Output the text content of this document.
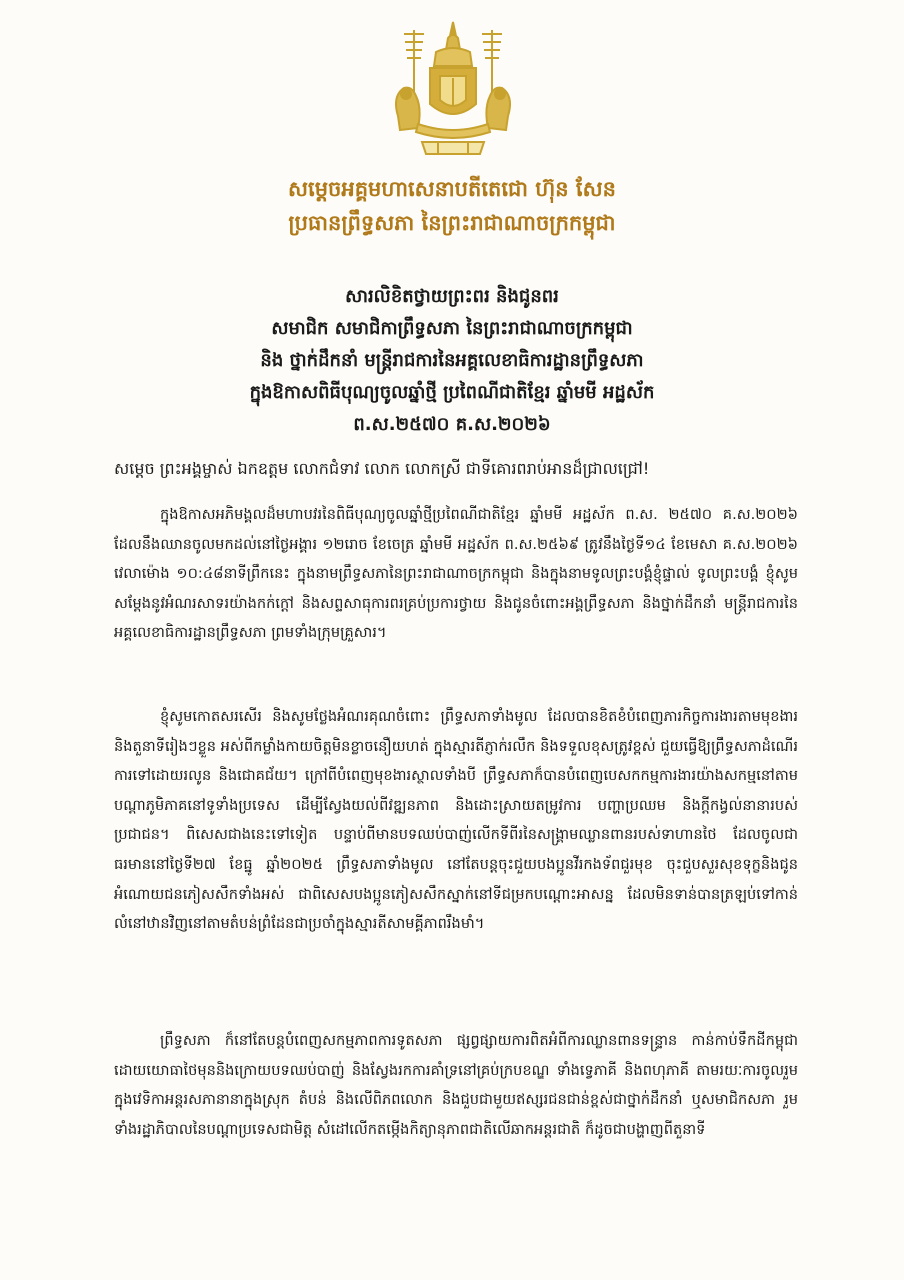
សម្តេចអគ្គមហាសេនាបតីតេជោ ហ៊ុន សែន
ប្រធានព្រឹទ្ធសភា នៃព្រះរាជាណាចក្រកម្ពុជា
សារលិខិតថ្វាយព្រះពរ និងជូនពរ
សមាជិក សមាជិកាព្រឹទ្ធសភា នៃព្រះរាជាណាចក្រកម្ពុជា
និង ថ្នាក់ដឹកនាំ មន្ត្រីរាជការនៃអគ្គលេខាធិការដ្ឋានព្រឹទ្ធសភា
ក្នុងឱកាសពិធីបុណ្យចូលឆ្នាំថ្មី ប្រពៃណីជាតិខ្មែរ ឆ្នាំមមី អដ្ឋស័ក
ព.ស.២៥៧០ គ.ស.២០២៦
សម្តេច ព្រះអង្គម្ចាស់ ឯកឧត្តម លោកជំទាវ លោក លោកស្រី ជាទីគោរពរាប់អានដ៏ជ្រាលជ្រៅ!
ក្នុងឱកាសអភិមង្គលដ៏មហាបវរនៃពិធីបុណ្យចូលឆ្នាំថ្មីប្រពៃណីជាតិខ្មែរ ឆ្នាំមមី អដ្ឋស័ក ព.ស. ២៥៧០ គ.ស.២០២៦ ដែលនឹងឈានចូលមកដល់នៅថ្ងៃអង្គារ ១២រោច ខែចេត្រ ឆ្នាំមមី អដ្ឋស័ក ព.ស.២៥៦៩ ត្រូវនឹងថ្ងៃទី១៤ ខែមេសា គ.ស.២០២៦ វេលាម៉ោង ១០:៤៨នាទីព្រឹកនេះ ក្នុងនាមព្រឹទ្ធសភានៃព្រះរាជាណាចក្រកម្ពុជា និងក្នុងនាមទូលព្រះបង្គំខ្ញុំផ្ទាល់ ទូលព្រះបង្គំ ខ្ញុំសូមសម្តែងនូវអំណរសាទរយ៉ាងកក់ក្តៅ និងសព្ទសាធុការពរគ្រប់ប្រការថ្វាយ និងជូនចំពោះអង្គព្រឹទ្ធសភា និងថ្នាក់ដឹកនាំ មន្ត្រីរាជការនៃអគ្គលេខាធិការដ្ឋានព្រឹទ្ធសភា ព្រមទាំងក្រុមគ្រួសារ។
ខ្ញុំសូមកោតសរសើរ និងសូមថ្លែងអំណរគុណចំពោះ ព្រឹទ្ធសភាទាំងមូល ដែលបានខិតខំបំពេញភារកិច្ចការងារតាមមុខងារ និងតួនាទីរៀងៗខ្លួន អស់ពីកម្លាំងកាយចិត្តមិនខ្លាចនឿយហត់ ក្នុងស្មារតីភ្ញាក់រលឹក និងទទួលខុសត្រូវខ្ពស់ ជួយធ្វើឱ្យព្រឹទ្ធសភាដំណើរការទៅដោយរលូន និងជោគជ័យ។ ក្រៅពីបំពេញមុខងារស្ថាលទាំងបី ព្រឹទ្ធសភាក៏បានបំពេញបេសកកម្មការងារយ៉ាងសកម្មនៅតាមបណ្តាភូមិភាគនៅទូទាំងប្រទេស ដើម្បីស្វែងយល់ពីវឌ្ឍនភាព និងដោះស្រាយតម្រូវការ បញ្ហាប្រឈម និងក្តីកង្វល់នានារបស់ប្រជាជន។ ពិសេសជាងនេះទៅទៀត បន្ទាប់ពីមានបទឈប់បាញ់លើកទីពីរនៃសង្គ្រាមឈ្លានពានរបស់ទាហានថៃ ដែលចូលជាធរមាននៅថ្ងៃទី២៧ ខែធ្នូ ឆ្នាំ២០២៥ ព្រឹទ្ធសភាទាំងមូល នៅតែបន្តចុះជួយបងប្អូនវីរកងទ័ពជួរមុខ ចុះជួបសួរសុខទុក្ខនិងជូនអំណោយជនភៀសសឹកទាំងអស់ ជាពិសេសបងប្អូនភៀសសឹកស្នាក់នៅទីជម្រកបណ្តោះអាសន្ន ដែលមិនទាន់បានត្រឡប់ទៅកាន់លំនៅឋានវិញនៅតាមតំបន់ព្រំដែនជាប្រចាំក្នុងស្មារតីសាមគ្គីភាពរឹងមាំ។
ព្រឹទ្ធសភា ក៏នៅតែបន្តបំពេញសកម្មភាពការទូតសភា ផ្សព្វផ្សាយការពិតអំពីការឈ្លានពានទន្ទ្រាន កាន់កាប់ទឹកដីកម្ពុជាដោយយោធាថៃមុននិងក្រោយបទឈប់បាញ់ និងស្វែងរកការគាំទ្រនៅគ្រប់ក្របខណ្ឌ ទាំងទ្វេភាគី និងពហុភាគី តាមរយៈការចូលរួមក្នុងវេទិកាអន្តរសភានានាក្នុងស្រុក តំបន់ និងលើពិភពលោក និងជួបជាមួយឥស្សរជនជាន់ខ្ពស់ជាថ្នាក់ដឹកនាំ ឬសមាជិកសភា រួមទាំងរដ្ឋាភិបាលនៃបណ្តាប្រទេសជាមិត្ត សំដៅលើកតម្កើងកិត្យានុភាពជាតិលើឆាកអន្តរជាតិ ក៏ដូចជាបង្ហាញពីតួនាទី
